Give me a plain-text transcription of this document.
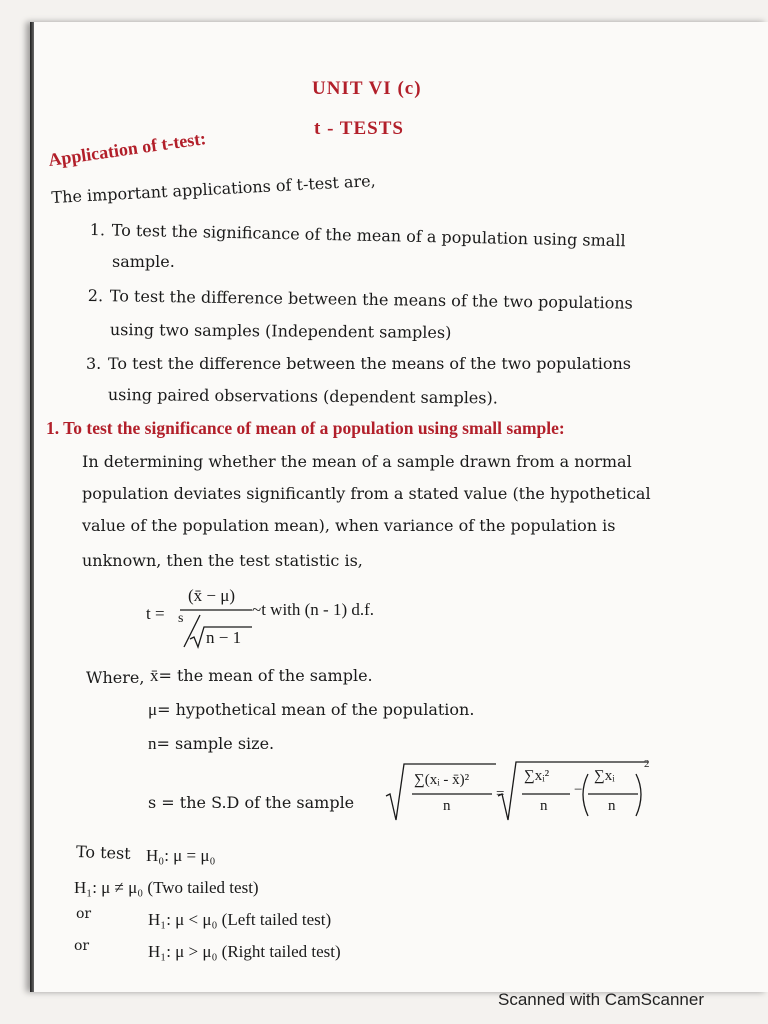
UNIT VI (c)
t - TESTS
Application of t-test:
The important applications of t-test are,
1. To test the significance of the mean of a population using small
sample.
2. To test the difference between the means of the two populations
using two samples (Independent samples)
3. To test the difference between the means of the two populations
using paired observations (dependent samples).
1. To test the significance of mean of a population using small sample:
In determining whether the mean of a sample drawn from a normal
population deviates significantly from a stated value (the hypothetical
value of the population mean), when variance of the population is
unknown, then the test statistic is,
t =
(x̄ − μ)
s
n − 1
~t with (n - 1) d.f.
Where, x̄= the mean of the sample.
μ= hypothetical mean of the population.
n= sample size.
s = the S.D of the sample
∑(xᵢ - x̄)²
n
=
∑xᵢ²
n
−
∑xᵢ
n
2
To test H₀: μ = μ₀
H₁: μ ≠ μ₀ (Two tailed test)
or	H₁: μ < μ₀ (Left tailed test)
or	H₁: μ > μ₀ (Right tailed test)
Scanned with CamScanner
